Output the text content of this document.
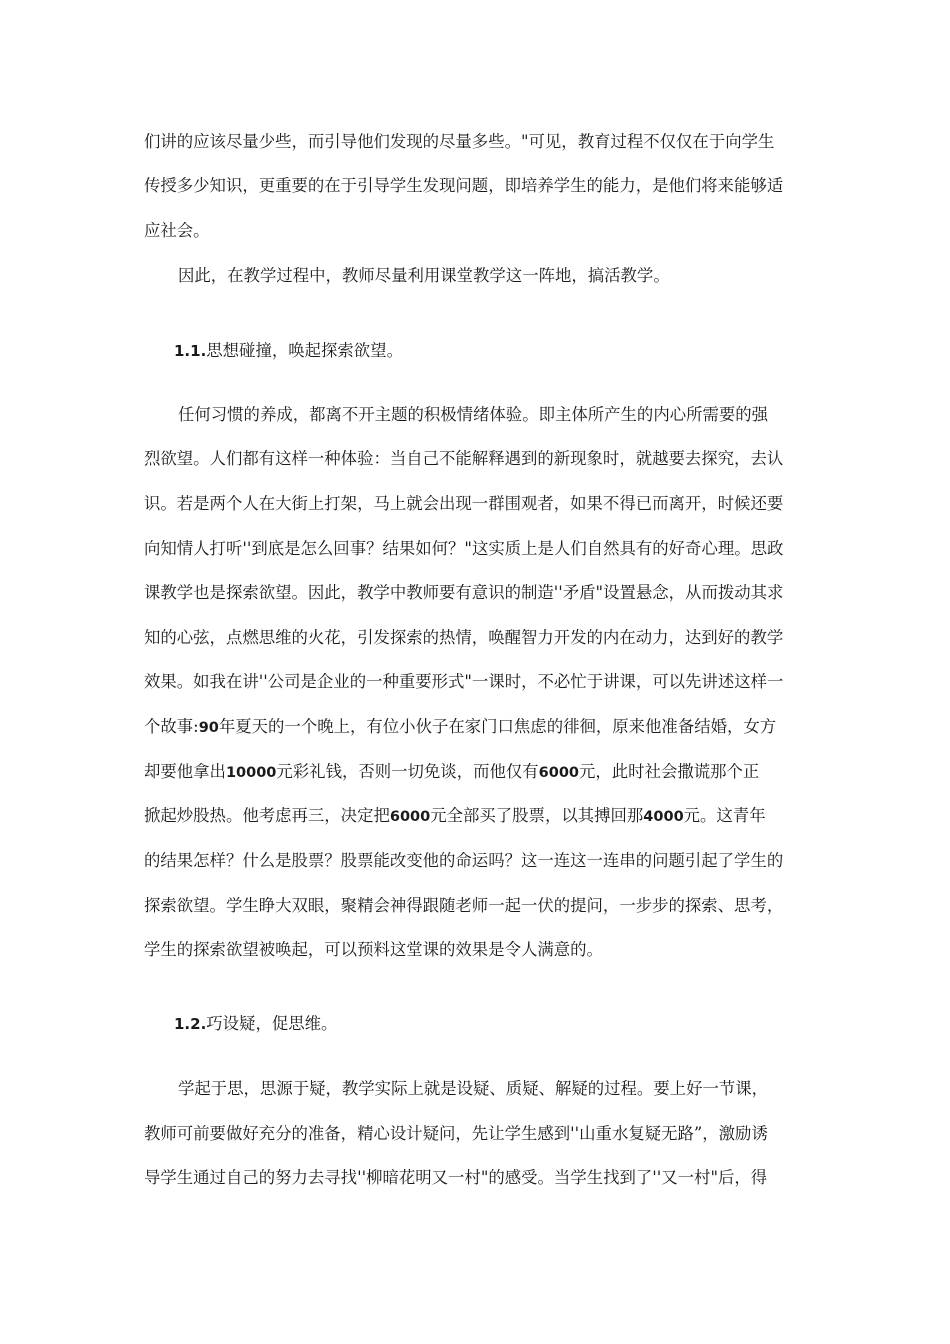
们讲的应该尽量少些，而引导他们发现的尽量多些。"可见，教育过程不仅仅在于向学生
传授多少知识，更重要的在于引导学生发现问题，即培养学生的能力，是他们将来能够适
应社会。
因此，在教学过程中，教师尽量利用课堂教学这一阵地，搞活教学。
1.1.思想碰撞，唤起探索欲望。
任何习惯的养成，都离不开主题的积极情绪体验。即主体所产生的内心所需要的强
烈欲望。人们都有这样一种体验：当自己不能解释遇到的新现象时，就越要去探究，去认
识。若是两个人在大街上打架，马上就会出现一群围观者，如果不得已而离开，时候还要
向知情人打听''到底是怎么回事？结果如何？"这实质上是人们自然具有的好奇心理。思政
课教学也是探索欲望。因此，教学中教师要有意识的制造''矛盾"设置悬念，从而拨动其求
知的心弦，点燃思维的火花，引发探索的热情，唤醒智力开发的内在动力，达到好的教学
效果。如我在讲''公司是企业的一种重要形式"一课时，不必忙于讲课，可以先讲述这样一
个故事:90年夏天的一个晚上，有位小伙子在家门口焦虑的徘徊，原来他准备结婚，女方
却要他拿出10000元彩礼钱，否则一切免谈，而他仅有6000元，此时社会撒谎那个正
掀起炒股热。他考虑再三，决定把6000元全部买了股票，以其搏回那4000元。这青年
的结果怎样？什么是股票？股票能改变他的命运吗？这一连这一连串的问题引起了学生的
探索欲望。学生睁大双眼，聚精会神得跟随老师一起一伏的提问，一步步的探索、思考，
学生的探索欲望被唤起，可以预料这堂课的效果是令人满意的。
1.2.巧设疑，促思维。
学起于思，思源于疑，教学实际上就是设疑、质疑、解疑的过程。要上好一节课，
教师可前要做好充分的准备，精心设计疑问，先让学生感到''山重水复疑无路”，激励诱
导学生通过自己的努力去寻找''柳暗花明又一村"的感受。当学生找到了''又一村"后，得
